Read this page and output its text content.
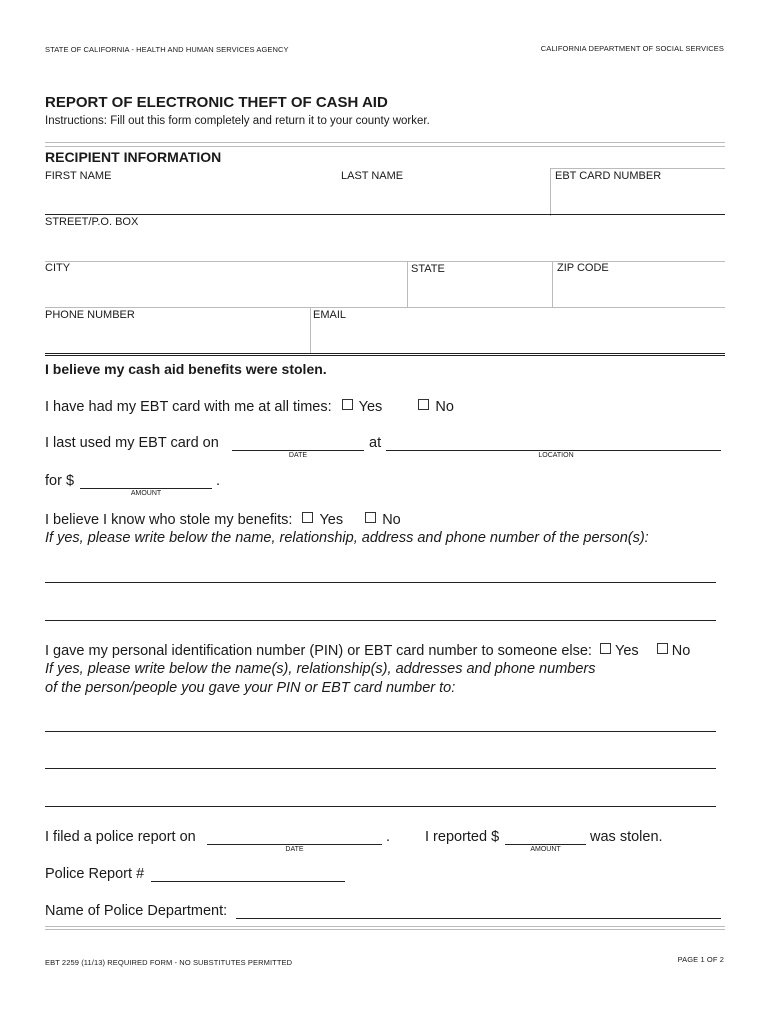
STATE OF CALIFORNIA - HEALTH AND HUMAN SERVICES AGENCY	CALIFORNIA DEPARTMENT OF SOCIAL SERVICES
REPORT OF ELECTRONIC THEFT OF CASH AID
Instructions: Fill out this form completely and return it to your county worker.
RECIPIENT INFORMATION
FIRST NAME	LAST NAME	EBT CARD NUMBER
STREET/P.O. BOX
CITY	STATE	ZIP CODE
PHONE NUMBER	EMAIL
I believe my cash aid benefits were stolen.
I have had my EBT card with me at all times: Yes	No
I last used my EBT card on
DATE
at
LOCATION
for $	.
AMOUNT
I believe I know who stole my benefits: Yes	No
If yes, please write below the name, relationship, address and phone number of the person(s):
I gave my personal identification number (PIN) or EBT card number to someone else: Yes No
If yes, please write below the name(s), relationship(s), addresses and phone numbers
of the person/people you gave your PIN or EBT card number to:
I filed a police report on
DATE
. I reported $
AMOUNT
was stolen.
Police Report #
Name of Police Department:
EBT 2259 (11/13) REQUIRED FORM - NO SUBSTITUTES PERMITTED	PAGE 1 OF 2
